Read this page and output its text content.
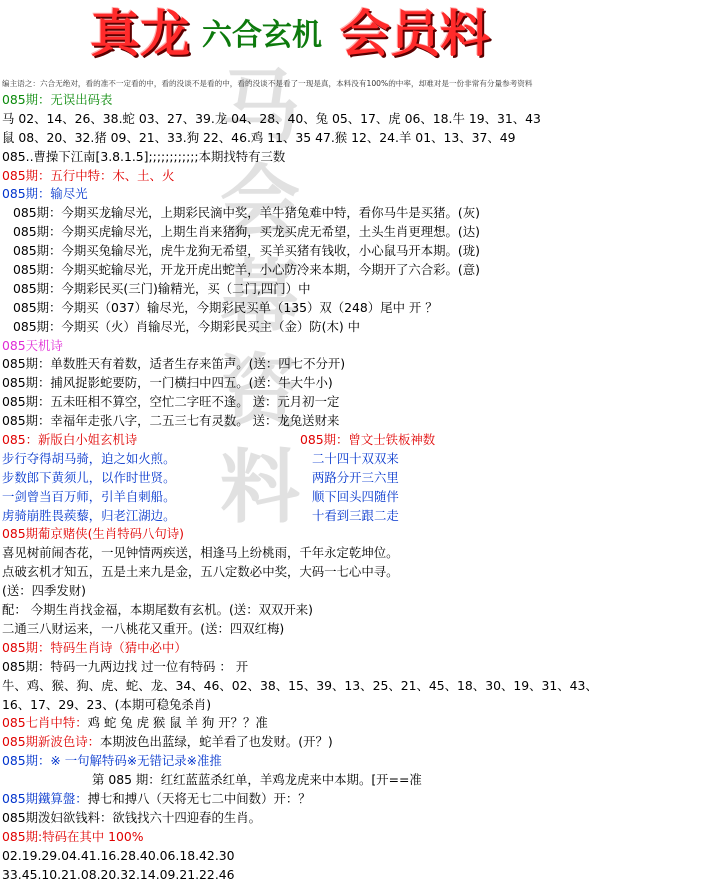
马
会
幕
资
料
真龙 六合玄机 会员料
编主语之：六合无绝对，看的准不一定看的中，看的没谈不是看的中，看的没谈不是看了一现是真，本料没有100%的中率，却难对是一份非常有分量参考资料
085期：无误出码表
马 02、14、26、38.蛇 03、27、39.龙 04、28、40、兔 05、17、虎 06、18.牛 19、31、43
鼠 08、20、32.猪 09、21、33.狗 22、46.鸡 11、35 47.猴 12、24.羊 01、13、37、49
085..曹操下江南[3.8.1.5];;;;;;;;;;;;本期找特有三数
085期：五行中特：木、土、火
085期：输尽光
085期：今期买龙输尽光，上期彩民滴中奖，羊牛猪兔难中特，看你马牛是买猪。(灰)
085期：今期买虎输尽光，上期生肖来猪狗，买龙买虎无希望，土头生肖更理想。(达)
085期：今期买兔输尽光，虎牛龙狗无希望，买羊买猪有钱收，小心鼠马开本期。(珑)
085期：今期买蛇输尽光，开龙开虎出蛇羊，小心防冷来本期，今期开了六合彩。(意)
085期：今期彩民买(三门)输精光，买（二门,四门）中
085期：今期买（037）输尽光，今期彩民买单（135）双（248）尾中 开 ？
085期：今期买（火）肖输尽光，今期彩民买主（金）防(木) 中
085天机诗
085期：单数胜天有着数，适者生存来笛声。(送：四七不分开)
085期：捕风捉影蛇要防，一门横扫中四五。(送：牛大牛小)
085期：五未旺相不算空，空忙二字旺不逢。 送：元月初一定
085期：幸福年走张八字，二五三七有灵数。 送：龙兔送财来
085：新版白小姐玄机诗	085期：曾文士铁板神数
步行夺得胡马骑，迫之如火煎。	二十四十双双来
步数郎下黄须儿，以作时世贤。	两路分开三六里
一剑曾当百万师，引羊自刺船。	顺下回头四随伴
虏骑崩胜畏蒺藜，归老江湖边。	十看到三跟二走
085期葡京赌侠(生肖特码八句诗)
喜见树前闹杏花，一见钟情两疾送，相逢马上纷桃雨，千年永定乾坤位。
点破玄机才知五，五是土来九是金，五八定数必中奖，大码一七心中寻。
(送：四季发财)
配： 今期生肖找金福，本期尾数有玄机。(送：双双开来)
二通三八财运来，一八桃花又重开。(送：四双红梅)
085期：特码生肖诗（猜中必中）
085期：特码一九两边找 过一位有特码 ： 开
牛、鸡、猴、狗、虎、蛇、龙、34、46、02、38、15、39、13、25、21、45、18、30、19、31、43、
16、17、29、23、(本期可稳兔杀肖)
085七肖中特：鸡 蛇 兔 虎 猴 鼠 羊 狗 开？？准
085期新波色诗：本期波色出蓝绿，蛇羊看了也发财。(开？)
085期：※ 一句解特码※无错记录※准推
第 085 期：红红蓝蓝杀红单，羊鸡龙虎来中本期。[开==准
085期鐵算盤：搏七和搏八（天将无七二中间数）开：？
085期泼妇欲钱料：欲钱找六十四迎春的生肖。
085期:特码在其中 100%
02.19.29.04.41.16.28.40.06.18.42.30
33.45.10.21.08.20.32.14.09.21.22.46
